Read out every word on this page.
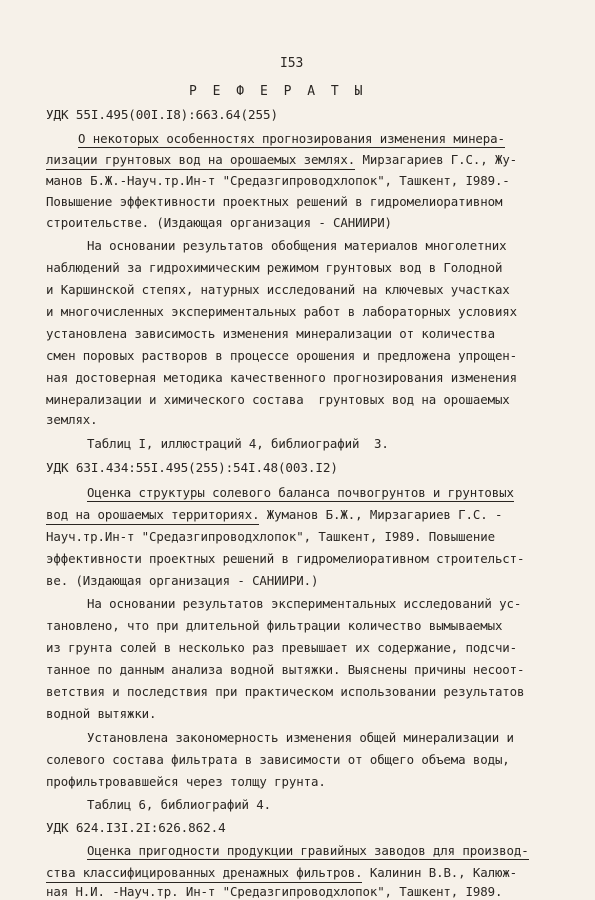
I53
Р Е Ф Е Р А Т Ы
УДК 55I.495(00I.I8):663.64(255)
О некоторых особенностях прогнозирования изменения минера-
лизации грунтовых вод на орошаемых землях. Мирзагариев Г.С., Жу-
манов Б.Ж.-Науч.тр.Ин-т "Средазгипроводхлопок", Ташкент, I989.-
Повышение эффективности проектных решений в гидромелиоративном
строительстве. (Издающая организация - САНИИРИ)
На основании результатов обобщения материалов многолетних
наблюдений за гидрохимическим режимом грунтовых вод в Голодной
и Каршинской степях, натурных исследований на ключевых участках
и многочисленных экспериментальных работ в лабораторных условиях
установлена зависимость изменения минерализации от количества
смен поровых растворов в процессе орошения и предложена упрощен-
ная достоверная методика качественного прогнозирования изменения
минерализации и химического состава  грунтовых вод на орошаемых
землях.
Таблиц I, иллюстраций 4, библиографий  3.
УДК 63I.434:55I.495(255):54I.48(003.I2)
Оценка структуры солевого баланса почвогрунтов и грунтовых
вод на орошаемых территориях. Жуманов Б.Ж., Мирзагариев Г.С. -
Науч.тр.Ин-т "Средазгипроводхлопок", Ташкент, I989. Повышение
эффективности проектных решений в гидромелиоративном строительст-
ве. (Издающая организация - САНИИРИ.)
На основании результатов экспериментальных исследований ус-
тановлено, что при длительной фильтрации количество вымываемых
из грунта солей в несколько раз превышает их содержание, подсчи-
танное по данным анализа водной вытяжки. Выяснены причины несоот-
ветствия и последствия при практическом использовании результатов
водной вытяжки.
Установлена закономерность изменения общей минерализации и
солевого состава фильтрата в зависимости от общего объема воды,
профильтровавшейся через толщу грунта.
Таблиц 6, библиографий 4.
УДК 624.I3I.2I:626.862.4
Оценка пригодности продукции гравийных заводов для производ-
ства классифицированных дренажных фильтров. Калинин В.В., Калюж-
ная Н.И. -Науч.тр. Ин-т "Средазгипроводхлопок", Ташкент, I989.
